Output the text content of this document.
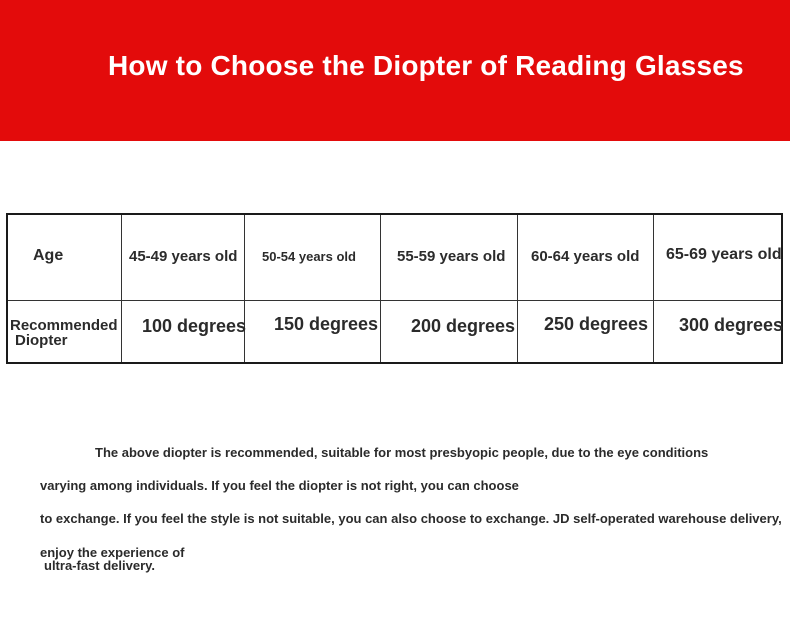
How to Choose the Diopter of Reading Glasses
Age	45-49 years old 50-54 years old	55-59 years old 60-64 years old 65-69 years old
Recommended
Diopter
100 degrees 150 degrees 200 degrees 250 degrees 300 degrees
The above diopter is recommended, suitable for most presbyopic people, due to the eye conditions
varying among individuals. If you feel the diopter is not right, you can choose
to exchange. If you feel the style is not suitable, you can also choose to exchange. JD self-operated warehouse delivery,
enjoy the experience of
ultra-fast delivery.
